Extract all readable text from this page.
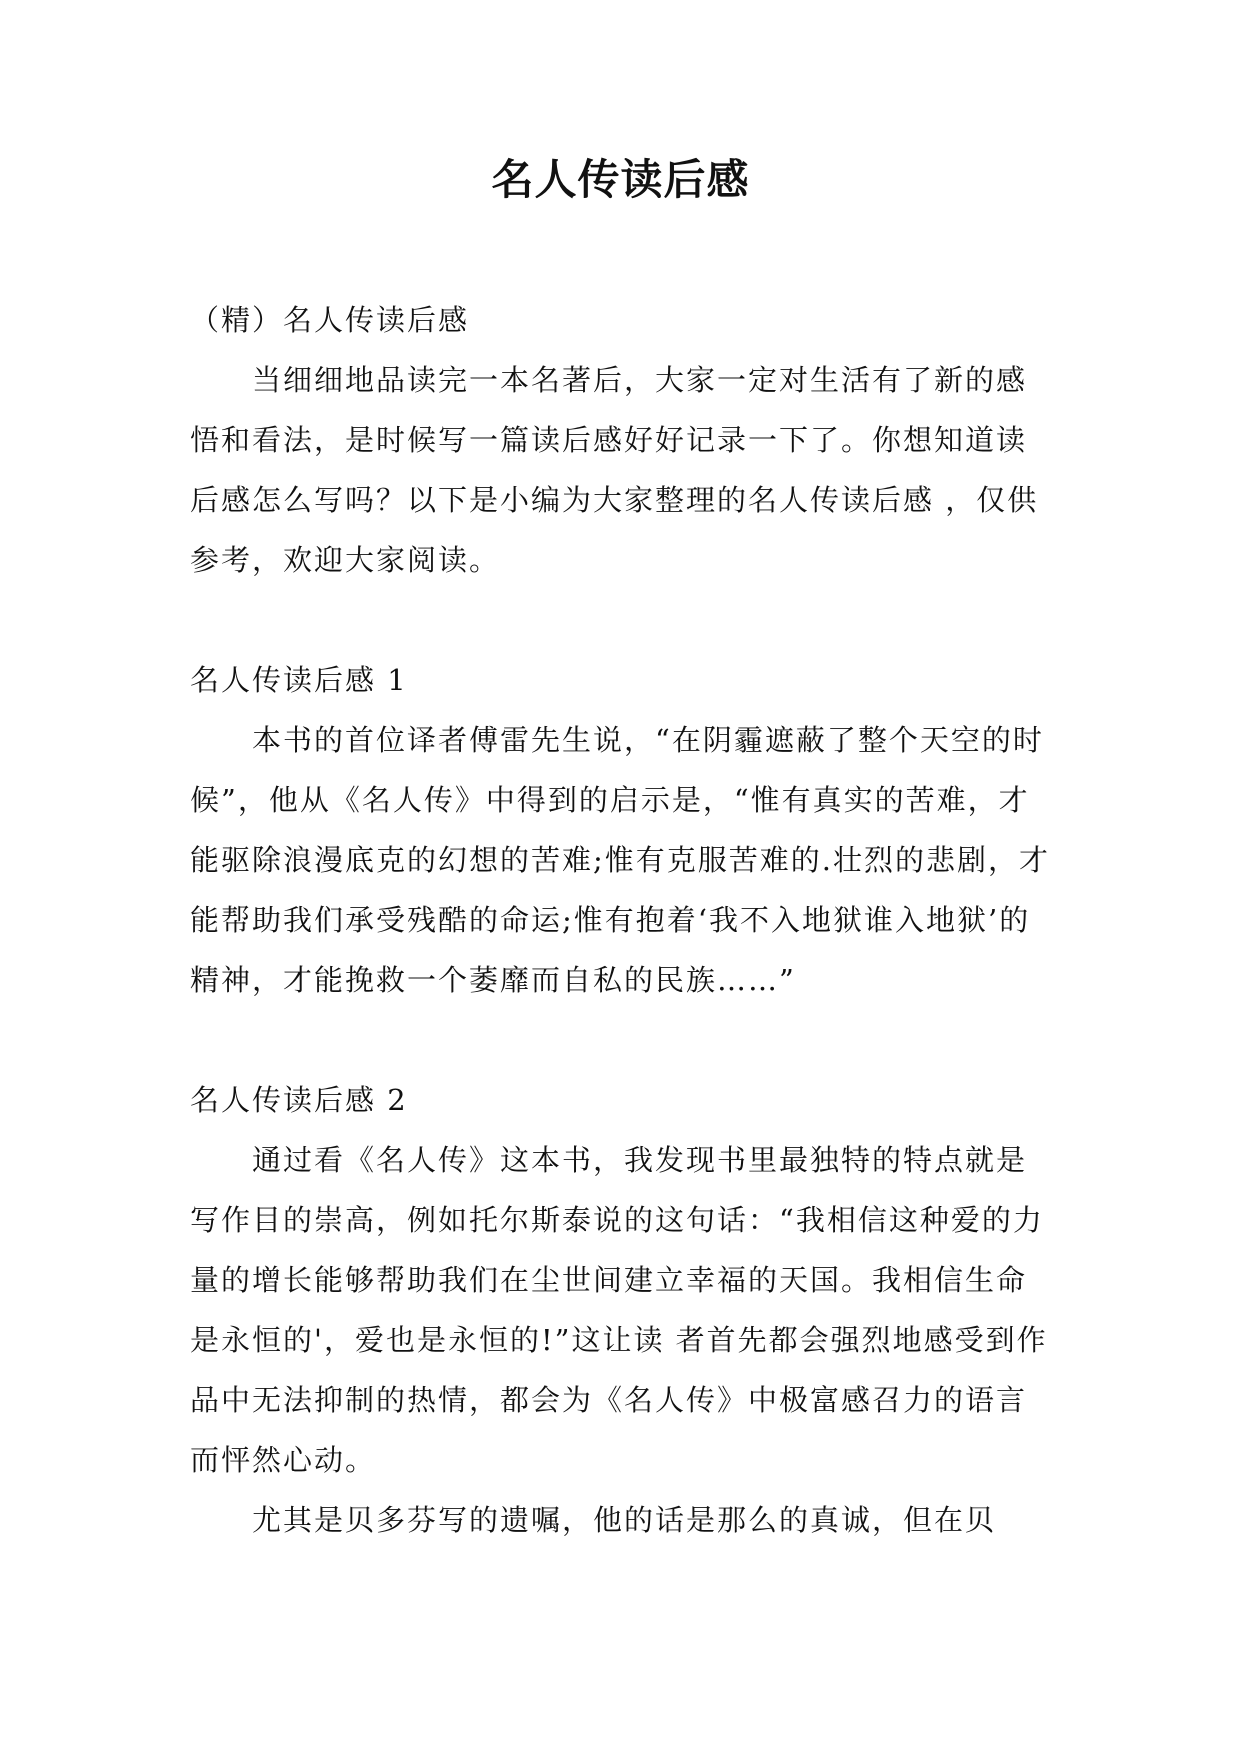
名人传读后感

（精）名人传读后感

当细细地品读完一本名著后，大家一定对生活有了新的感悟和看法，是时候写一篇读后感好好记录一下了。你想知道读后感怎么写吗？以下是小编为大家整理的名人传读后感 ，仅供参考，欢迎大家阅读。

名人传读后感 1

本书的首位译者傅雷先生说，“在阴霾遮蔽了整个天空的时候”，他从《名人传》中得到的启示是，“惟有真实的苦难，才能驱除浪漫底克的幻想的苦难;惟有克服苦难的.壮烈的悲剧，才能帮助我们承受残酷的命运;惟有抱着‘我不入地狱谁入地狱’的精神，才能挽救一个萎靡而自私的民族……”

名人传读后感 2

通过看《名人传》这本书，我发现书里最独特的特点就是写作目的崇高，例如托尔斯泰说的这句话：“我相信这种爱的力量的增长能够帮助我们在尘世间建立幸福的天国。我相信生命是永恒的'，爱也是永恒的!”这让读 者首先都会强烈地感受到作品中无法抑制的热情，都会为《名人传》中极富感召力的语言而怦然心动。

尤其是贝多芬写的遗嘱，他的话是那么的真诚，但在贝
